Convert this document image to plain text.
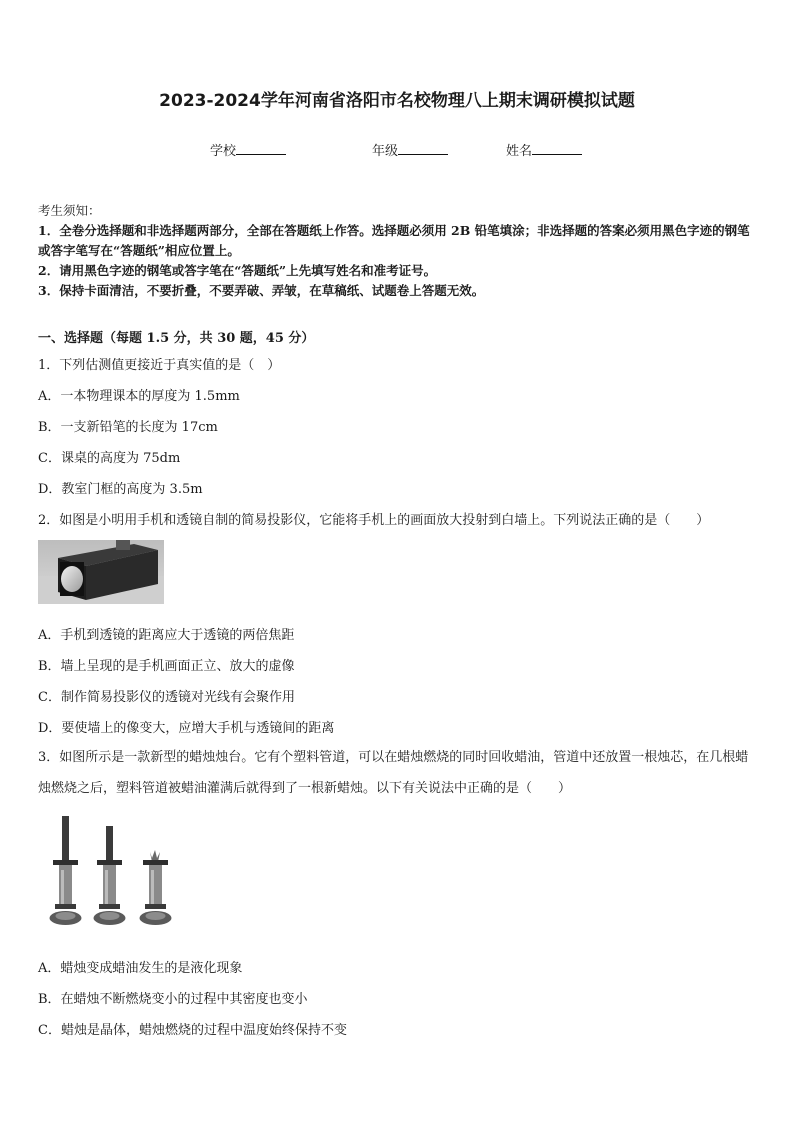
2023-2024学年河南省洛阳市名校物理八上期末调研模拟试题
学校	年级	姓名
考生须知：
1．全卷分选择题和非选择题两部分，全部在答题纸上作答。选择题必须用 2B 铅笔填涂；非选择题的答案必须用黑色字迹的钢笔或答字笔写在“答题纸”相应位置上。
2．请用黑色字迹的钢笔或答字笔在“答题纸”上先填写姓名和准考证号。
3．保持卡面清洁，不要折叠，不要弄破、弄皱，在草稿纸、试题卷上答题无效。
一、选择题（每题 1.5 分，共 30 题，45 分）
1．下列估测值更接近于真实值的是（　）
A．一本物理课本的厚度为 1.5mm
B．一支新铅笔的长度为 17cm
C．课桌的高度为 75dm
D．教室门框的高度为 3.5m
2．如图是小明用手机和透镜自制的简易投影仪，它能将手机上的画面放大投射到白墙上。下列说法正确的是（　　）
A．手机到透镜的距离应大于透镜的两倍焦距
B．墙上呈现的是手机画面正立、放大的虚像
C．制作简易投影仪的透镜对光线有会聚作用
D．要使墙上的像变大，应增大手机与透镜间的距离
3．如图所示是一款新型的蜡烛烛台。它有个塑料管道，可以在蜡烛燃烧的同时回收蜡油，管道中还放置一根烛芯，在几根蜡烛燃烧之后，塑料管道被蜡油灌满后就得到了一根新蜡烛。以下有关说法中正确的是（　　）
A．蜡烛变成蜡油发生的是液化现象
B．在蜡烛不断燃烧变小的过程中其密度也变小
C．蜡烛是晶体，蜡烛燃烧的过程中温度始终保持不变
